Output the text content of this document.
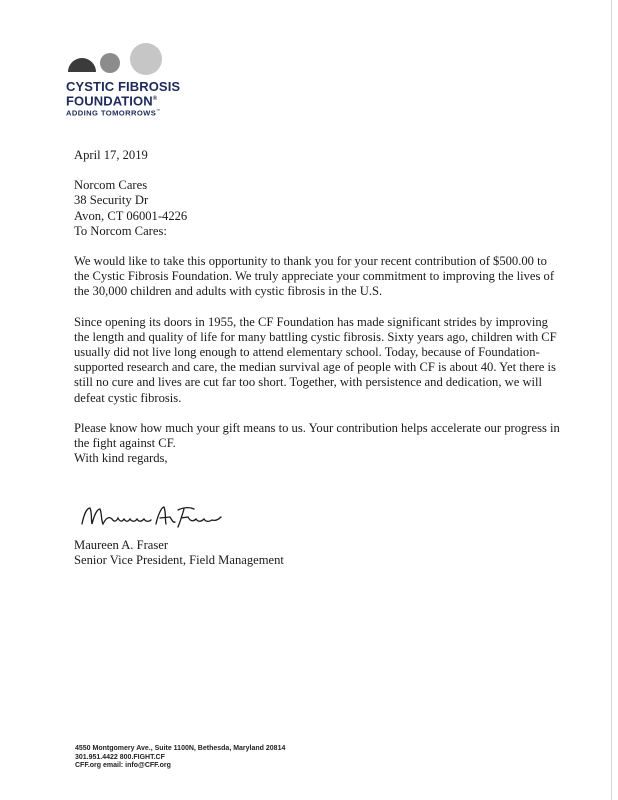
CYSTIC FIBROSIS
FOUNDATION®
ADDING TOMORROWS™

April 17, 2019

Norcom Cares
38 Security Dr
Avon, CT 06001-4226

To Norcom Cares:

We would like to take this opportunity to thank you for your recent contribution of $500.00 to
the Cystic Fibrosis Foundation. We truly appreciate your commitment to improving the lives of
the 30,000 children and adults with cystic fibrosis in the U.S.
Since opening its doors in 1955, the CF Foundation has made significant strides by improving
the length and quality of life for many battling cystic fibrosis. Sixty years ago, children with CF
usually did not live long enough to attend elementary school. Today, because of Foundation-
supported research and care, the median survival age of people with CF is about 40. Yet there is
still no cure and lives are cut far too short. Together, with persistence and dedication, we will
defeat cystic fibrosis.
Please know how much your gift means to us. Your contribution helps accelerate our progress in
the fight against CF.

With kind regards,

Maureen A. Fraser
Senior Vice President, Field Management
4550 Montgomery Ave., Suite 1100N, Bethesda, Maryland 20814
301.951.4422 800.FIGHT.CF
CFF.org email: info@CFF.org
